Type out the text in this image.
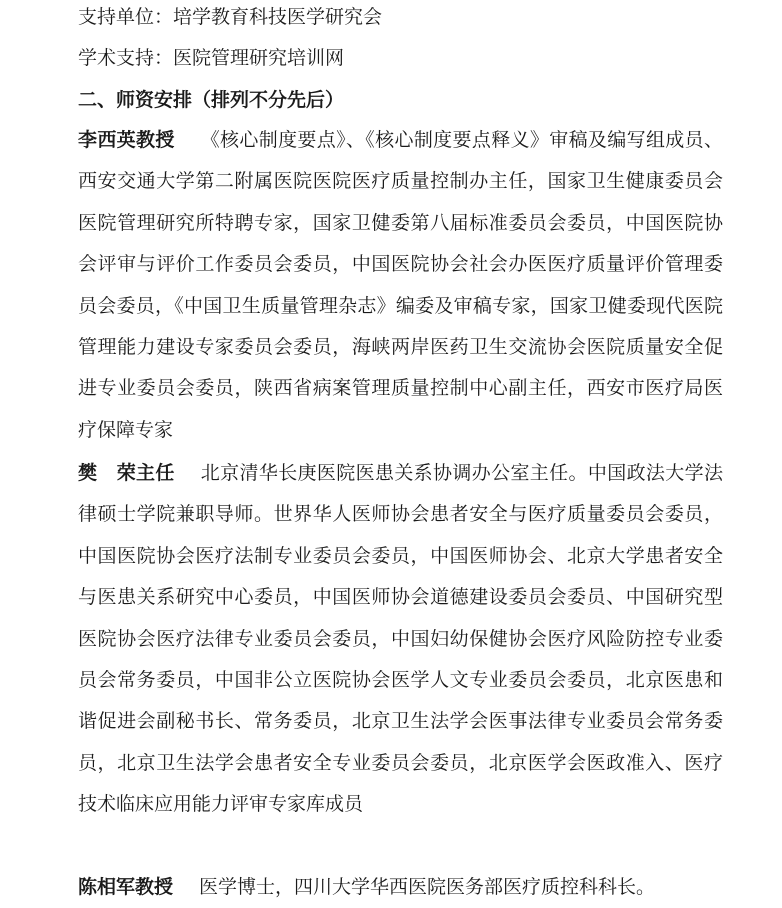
支持单位：培学教育科技医学研究会

学术支持：医院管理研究培训网

二、师资安排（排列不分先后）

李西英教授 《核心制度要点》、《核心制度要点释义》审稿及编写组成员、西安交通大学第二附属医院医院医疗质量控制办主任，国家卫生健康委员会医院管理研究所特聘专家，国家卫健委第八届标准委员会委员，中国医院协会评审与评价工作委员会委员，中国医院协会社会办医医疗质量评价管理委员会委员，《中国卫生质量管理杂志》编委及审稿专家，国家卫健委现代医院管理能力建设专家委员会委员，海峡两岸医药卫生交流协会医院质量安全促进专业委员会委员，陕西省病案管理质量控制中心副主任，西安市医疗局医疗保障专家

樊　荣主任 北京清华长庚医院医患关系协调办公室主任。中国政法大学法律硕士学院兼职导师。世界华人医师协会患者安全与医疗质量委员会委员，中国医院协会医疗法制专业委员会委员，中国医师协会、北京大学患者安全与医患关系研究中心委员，中国医师协会道德建设委员会委员、中国研究型医院协会医疗法律专业委员会委员，中国妇幼保健协会医疗风险防控专业委员会常务委员，中国非公立医院协会医学人文专业委员会委员，北京医患和谐促进会副秘书长、常务委员，北京卫生法学会医事法律专业委员会常务委员，北京卫生法学会患者安全专业委员会委员，北京医学会医政准入、医疗技术临床应用能力评审专家库成员

陈相军教授 医学博士，四川大学华西医院医务部医疗质控科科长。
